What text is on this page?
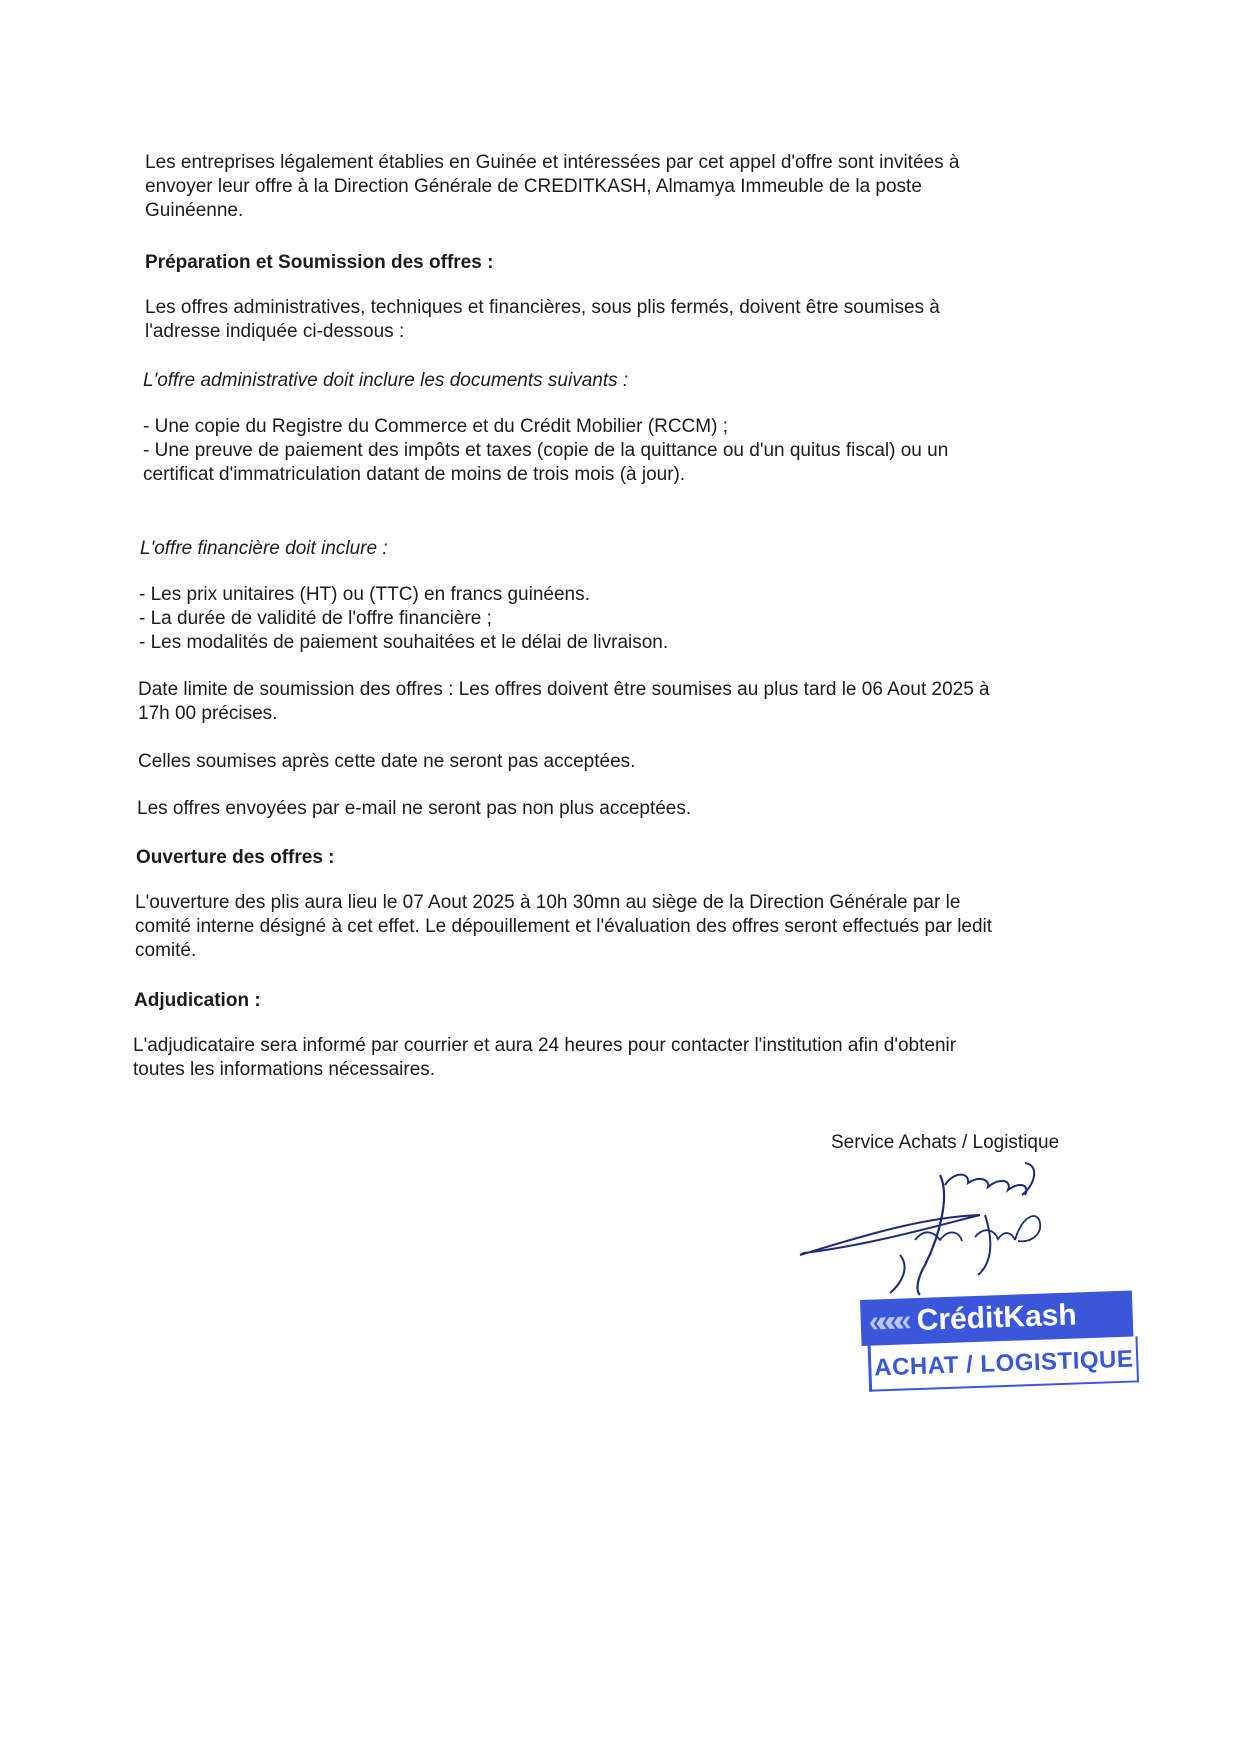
Les entreprises légalement établies en Guinée et intéressées par cet appel d'offre sont invitées à
envoyer leur offre à la Direction Générale de CREDITKASH, Almamya Immeuble de la poste
Guinéenne.
Préparation et Soumission des offres :
Les offres administratives, techniques et financières, sous plis fermés, doivent être soumises à
l'adresse indiquée ci-dessous :
L'offre administrative doit inclure les documents suivants :
- Une copie du Registre du Commerce et du Crédit Mobilier (RCCM) ;
- Une preuve de paiement des impôts et taxes (copie de la quittance ou d'un quitus fiscal) ou un
certificat d'immatriculation datant de moins de trois mois (à jour).
L'offre financière doit inclure :
- Les prix unitaires (HT) ou (TTC) en francs guinéens.
- La durée de validité de l'offre financière ;
- Les modalités de paiement souhaitées et le délai de livraison.
Date limite de soumission des offres : Les offres doivent être soumises au plus tard le 06 Aout 2025 à
17h 00 précises.
Celles soumises après cette date ne seront pas acceptées.
Les offres envoyées par e-mail ne seront pas non plus acceptées.
Ouverture des offres :
L'ouverture des plis aura lieu le 07 Aout 2025 à 10h 30mn au siège de la Direction Générale par le
comité interne désigné à cet effet. Le dépouillement et l'évaluation des offres seront effectués par ledit
comité.
Adjudication :
L'adjudicataire sera informé par courrier et aura 24 heures pour contacter l'institution afin d'obtenir
toutes les informations nécessaires.
Service Achats / Logistique
«««« CréditKash
ACHAT / LOGISTIQUE
